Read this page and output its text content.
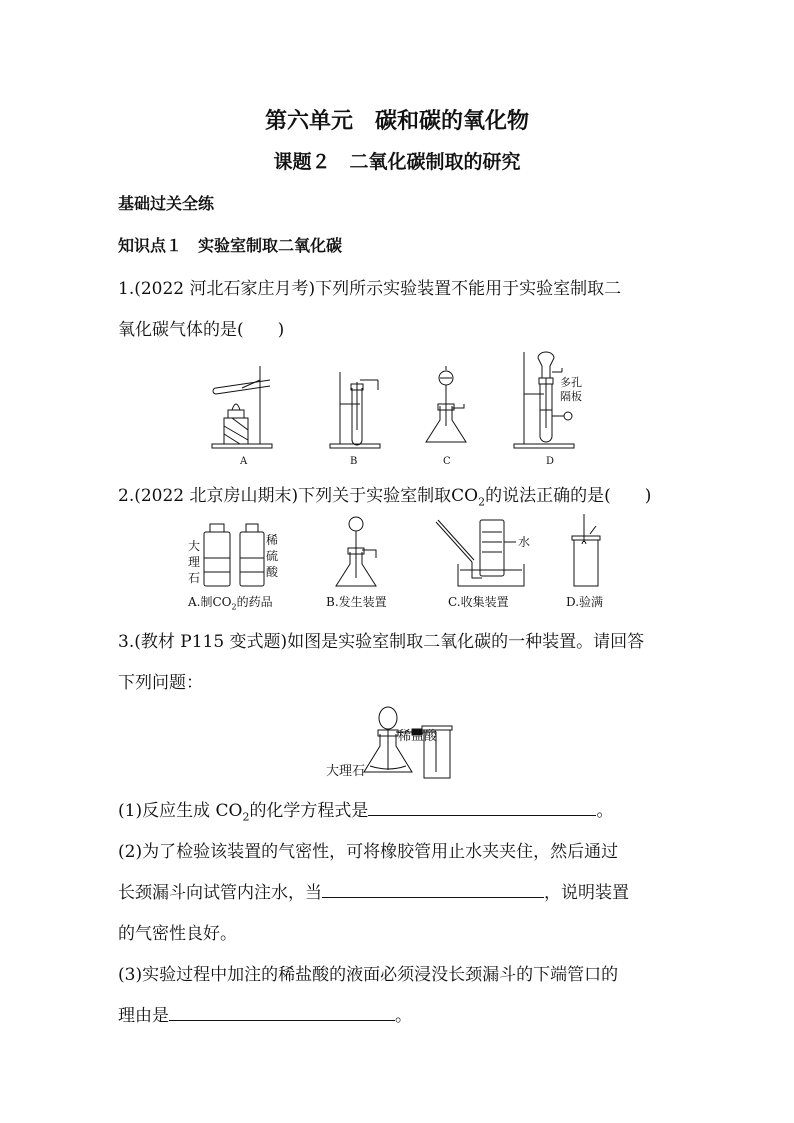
第六单元　碳和碳的氧化物
课题２　二氧化碳制取的研究
基础过关全练
知识点１　实验室制取二氧化碳
1.(2022 河北石家庄月考)下列所示实验装置不能用于实验室制取二
氧化碳气体的是(　　)
A	B	C
多孔
隔板
D
2.(2022 北京房山期末)下列关于实验室制取$CO_2$的说法正确的是(　　)
大
理
石
稀
硫
酸
水
A.制$CO_2$的药品	B.发生装置	C.收集装置	D.验满
3.(教材 P115 变式题)如图是实验室制取二氧化碳的一种装置。请回答
下列问题：
大理石
稀盐酸
(1)反应生成 $CO_2$的化学方程式是	。
(2)为了检验该装置的气密性，可将橡胶管用止水夹夹住，然后通过
长颈漏斗向试管内注水，当	，说明装置
的气密性良好。
(3)实验过程中加注的稀盐酸的液面必须浸没长颈漏斗的下端管口的
理由是	。
